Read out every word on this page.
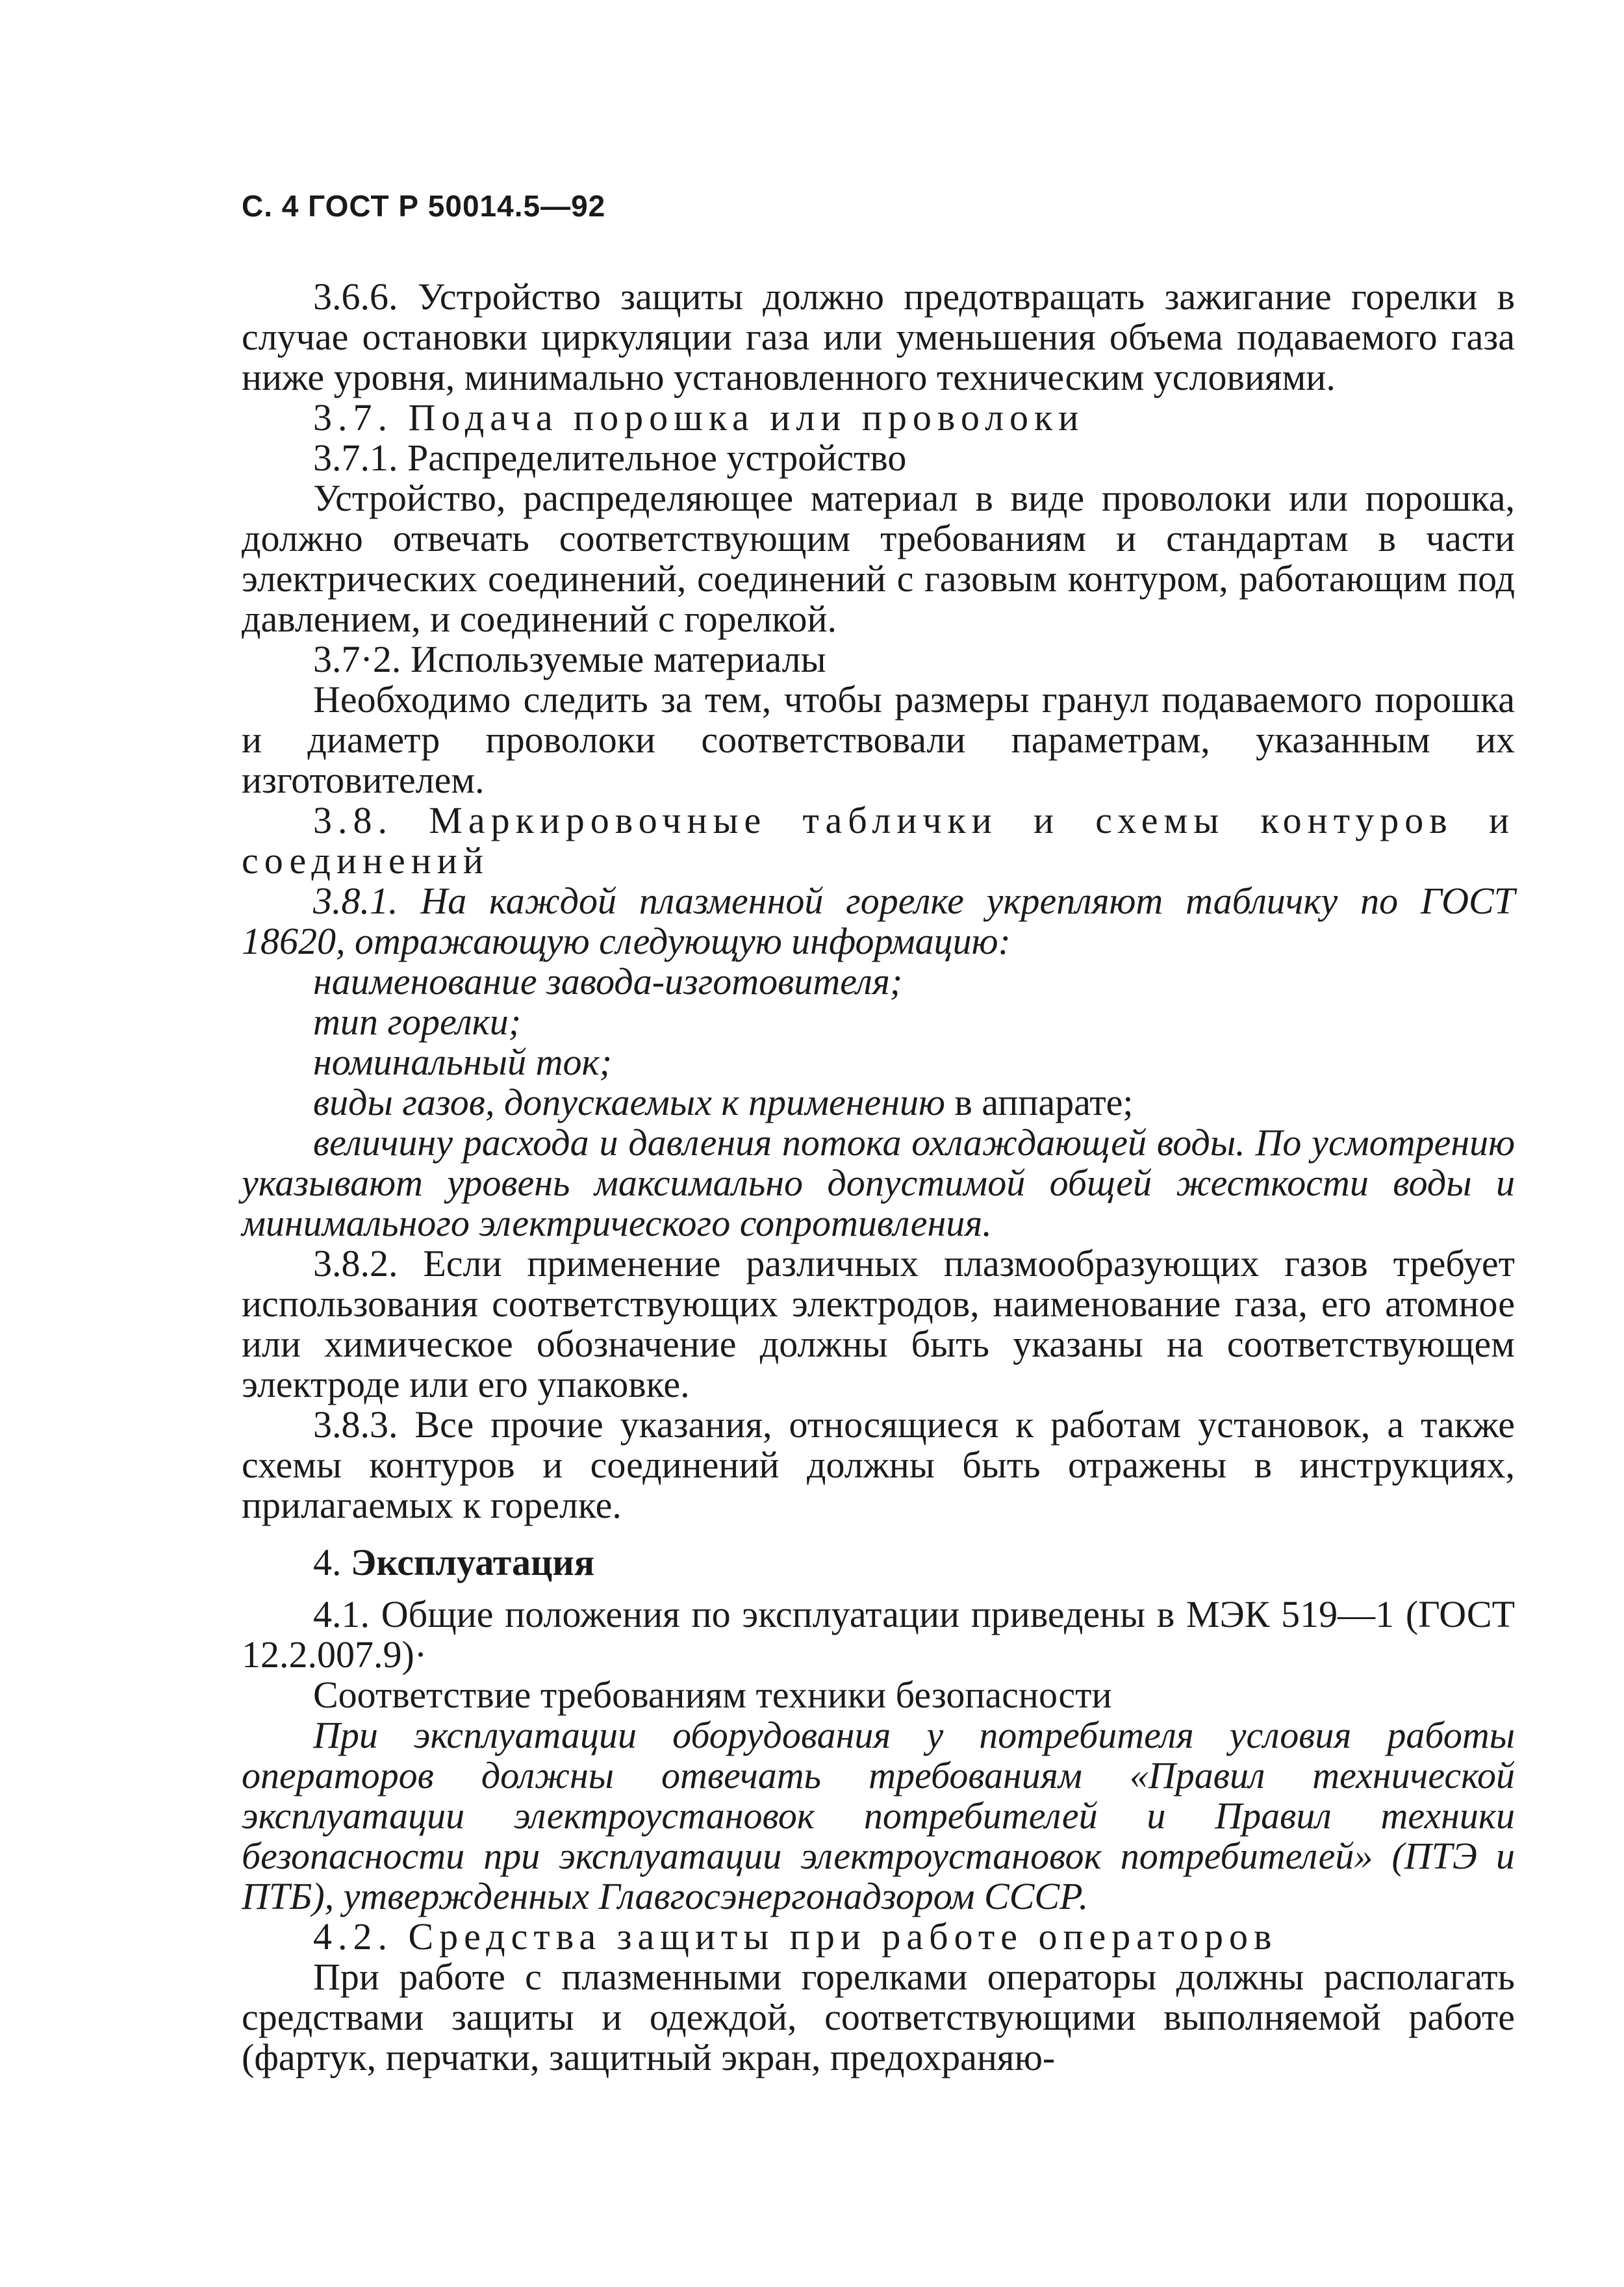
С. 4 ГОСТ Р 50014.5—92

3.6.6. Устройство защиты должно предотвращать зажигание горелки в случае остановки циркуляции газа или уменьшения объема подаваемого газа ниже уровня, минимально установленного техническим условиями.

3.7. Подача порошка или проволоки

3.7.1. Распределительное устройство

Устройство, распределяющее материал в виде проволоки или порошка, должно отвечать соответствующим требованиям и стандартам в части электрических соединений, соединений с газовым контуром, работающим под давлением, и соединений с горелкой.

3.7·2. Используемые материалы

Необходимо следить за тем, чтобы размеры гранул подаваемого порошка и диаметр проволоки соответствовали параметрам, указанным их изготовителем.

3.8. Маркировочные таблички и схемы контуров и соединений

3.8.1. На каждой плазменной горелке укрепляют табличку по ГОСТ 18620, отражающую следующую информацию:

наименование завода-изготовителя;

тип горелки;

номинальный ток;

виды газов, допускаемых к применению в аппарате;

величину расхода и давления потока охлаждающей воды. По усмотрению указывают уровень максимально допустимой общей жесткости воды и минимального электрического сопротивления.

3.8.2. Если применение различных плазмообразующих газов требует использования соответствующих электродов, наименование газа, его атомное или химическое обозначение должны быть указаны на соответствующем электроде или его упаковке.

3.8.3. Все прочие указания, относящиеся к работам установок, а также схемы контуров и соединений должны быть отражены в инструкциях, прилагаемых к горелке.

4. Эксплуатация

4.1. Общие положения по эксплуатации приведены в МЭК 519—1 (ГОСТ 12.2.007.9)·

Соответствие требованиям техники безопасности

При эксплуатации оборудования у потребителя условия работы операторов должны отвечать требованиям «Правил технической эксплуатации электроустановок потребителей и Правил техники безопасности при эксплуатации электроустановок потребителей» (ПТЭ и ПТБ), утвержденных Главгосэнергонадзором СССР.

4.2. Средства защиты при работе операторов

При работе с плазменными горелками операторы должны располагать средствами защиты и одеждой, соответствующими выполняемой работе (фартук, перчатки, защитный экран, предохраняю-
